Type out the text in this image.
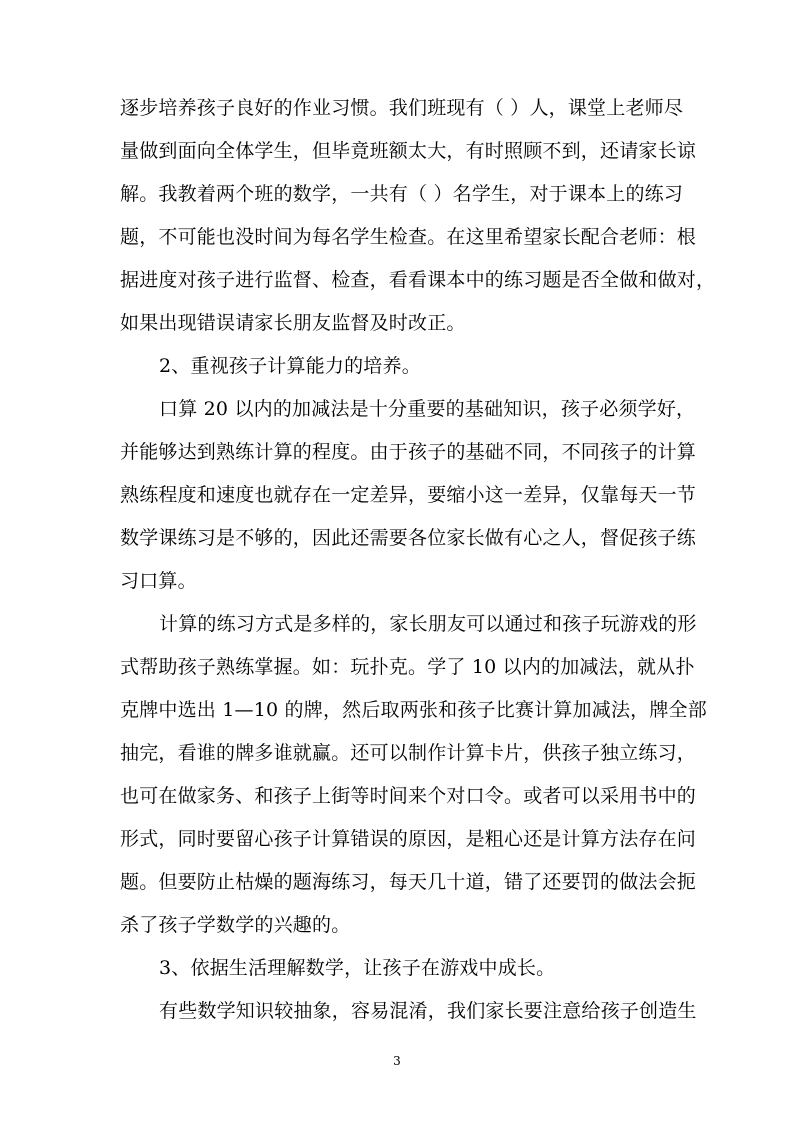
逐步培养孩子良好的作业习惯。我们班现有（ ）人，课堂上老师尽
量做到面向全体学生，但毕竟班额太大，有时照顾不到，还请家长谅
解。我教着两个班的数学，一共有（ ）名学生，对于课本上的练习
题，不可能也没时间为每名学生检查。在这里希望家长配合老师：根
据进度对孩子进行监督、检查，看看课本中的练习题是否全做和做对，
如果出现错误请家长朋友监督及时改正。
2、重视孩子计算能力的培养。
口算 20 以内的加减法是十分重要的基础知识，孩子必须学好，
并能够达到熟练计算的程度。由于孩子的基础不同，不同孩子的计算
熟练程度和速度也就存在一定差异，要缩小这一差异，仅靠每天一节
数学课练习是不够的，因此还需要各位家长做有心之人，督促孩子练
习口算。
计算的练习方式是多样的，家长朋友可以通过和孩子玩游戏的形
式帮助孩子熟练掌握。如：玩扑克。学了 10 以内的加减法，就从扑
克牌中选出 1—10 的牌，然后取两张和孩子比赛计算加减法，牌全部
抽完，看谁的牌多谁就赢。还可以制作计算卡片，供孩子独立练习，
也可在做家务、和孩子上街等时间来个对口令。或者可以采用书中的
形式，同时要留心孩子计算错误的原因，是粗心还是计算方法存在问
题。但要防止枯燥的题海练习，每天几十道，错了还要罚的做法会扼
杀了孩子学数学的兴趣的。
3、依据生活理解数学，让孩子在游戏中成长。
有些数学知识较抽象，容易混淆，我们家长要注意给孩子创造生
3
